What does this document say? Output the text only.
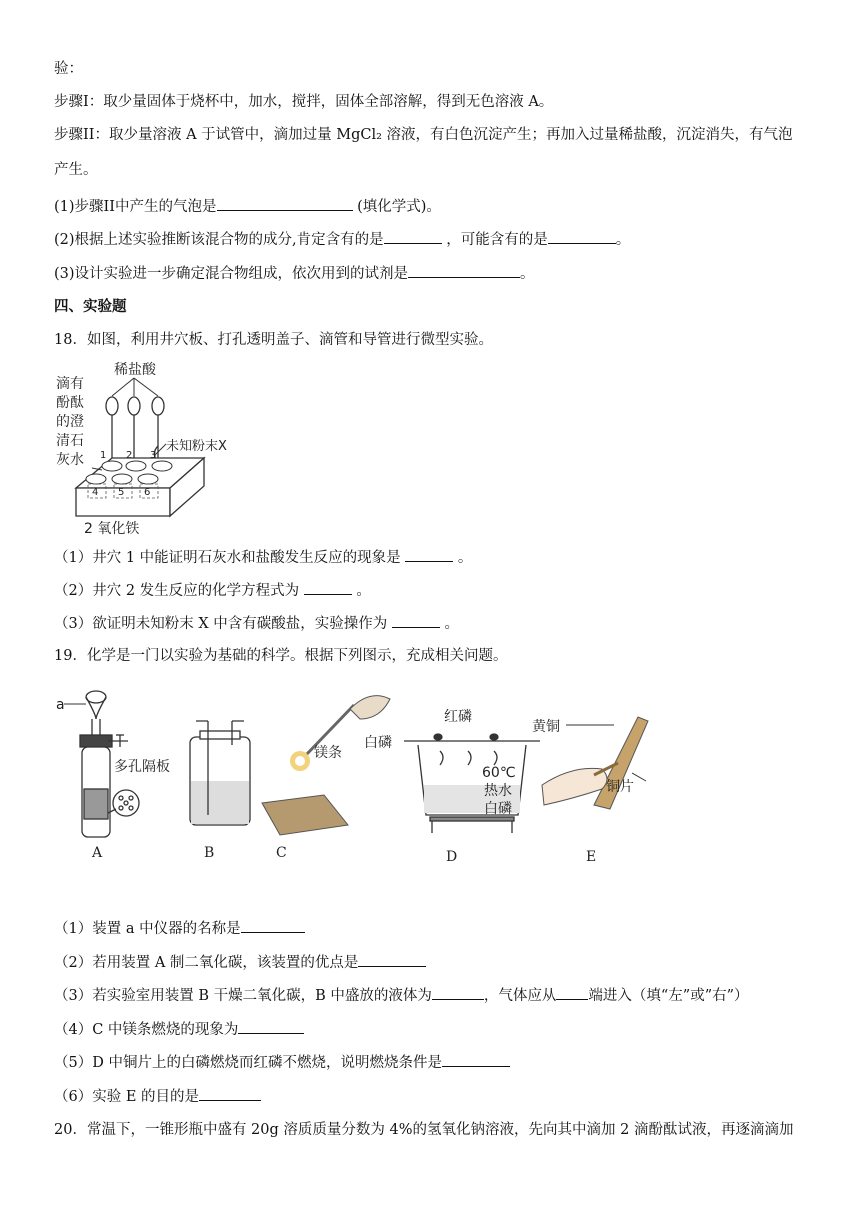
验：
步骤I：取少量固体于烧杯中，加水，搅拌，固体全部溶解，得到无色溶液 A。
步骤II：取少量溶液 A 于试管中，滴加过量 MgCl₂ 溶液，有白色沉淀产生；再加入过量稀盐酸，沉淀消失，有气泡
产生。
(1)步骤II中产生的气泡是	(填化学式)。
(2)根据上述实验推断该混合物的成分,肯定含有的是	，可能含有的是	。
(3)设计实验进一步确定混合物组成，依次用到的试剂是	。
四、实验题
18．如图，利用井穴板、打孔透明盖子、滴管和导管进行微型实验。
滴有
酚酞
的澄
清石
灰水
稀盐酸
未知粉末X
2 氧化铁
1 2 3
4 5 6
（1）井穴 1 中能证明石灰水和盐酸发生反应的现象是	。
（2）井穴 2 发生反应的化学方程式为	。
（3）欲证明未知粉末 X 中含有碳酸盐，实验操作为	。
19．化学是一门以实验为基础的科学。根据下列图示，充成相关问题。
a
多孔隔板
镁条
白磷
红磷
60℃
热水
白磷
黄铜
铜片
A	B	C	D	E
（1）装置 a 中仪器的名称是
（2）若用装置 A 制二氧化碳，该装置的优点是
（3）若实验室用装置 B 干燥二氧化碳，B 中盛放的液体为	，气体应从 端进入（填“左”或”右”）
（4）C 中镁条燃烧的现象为
（5）D 中铜片上的白磷燃烧而红磷不燃烧，说明燃烧条件是
（6）实验 E 的目的是
20．常温下，一锥形瓶中盛有 20g 溶质质量分数为 4%的氢氧化钠溶液，先向其中滴加 2 滴酚酞试液，再逐滴滴加
